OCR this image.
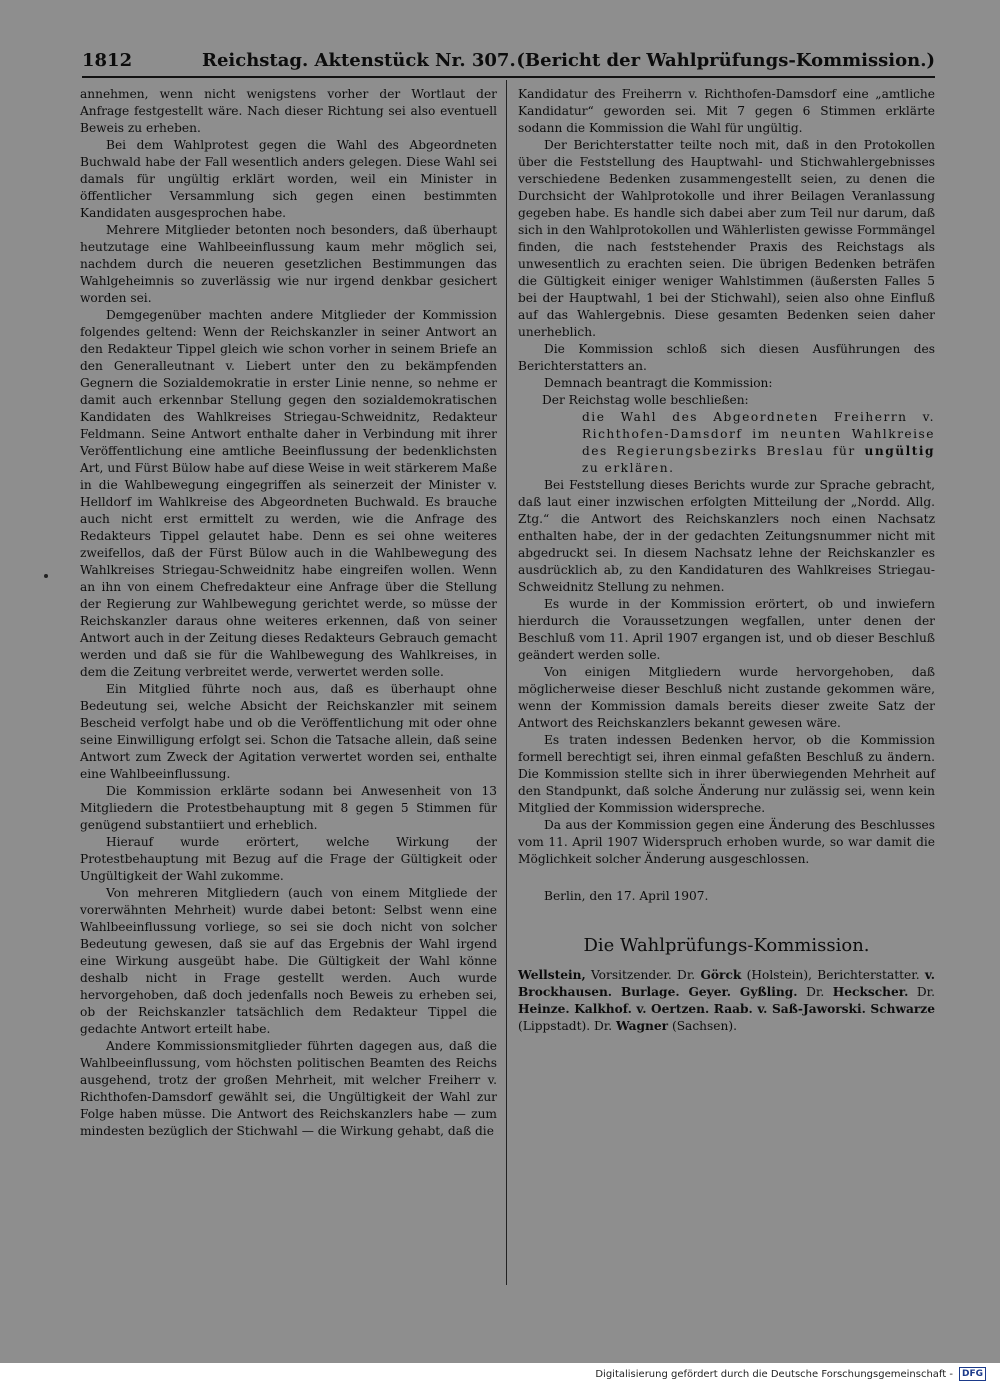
1812	Reichstag. Aktenstück Nr. 307. (Bericht der Wahlprüfungs-Kommission.)

annehmen, wenn nicht wenigstens vorher der Wortlaut der Anfrage festgestellt wäre. Nach dieser Richtung sei also eventuell Beweis zu erheben.

Bei dem Wahlprotest gegen die Wahl des Abgeordneten Buchwald habe der Fall wesentlich anders gelegen. Diese Wahl sei damals für ungültig erklärt worden, weil ein Minister in öffentlicher Versammlung sich gegen einen bestimmten Kandidaten ausgesprochen habe.

Mehrere Mitglieder betonten noch besonders, daß überhaupt heutzutage eine Wahlbeeinflussung kaum mehr möglich sei, nachdem durch die neueren gesetzlichen Bestimmungen das Wahlgeheimnis so zuverlässig wie nur irgend denkbar gesichert worden sei.

Demgegenüber machten andere Mitglieder der Kommission folgendes geltend: Wenn der Reichskanzler in seiner Antwort an den Redakteur Tippel gleich wie schon vorher in seinem Briefe an den Generalleutnant v. Liebert unter den zu bekämpfenden Gegnern die Sozialdemokratie in erster Linie nenne, so nehme er damit auch erkennbar Stellung gegen den sozialdemokratischen Kandidaten des Wahlkreises Striegau-Schweidnitz, Redakteur Feldmann. Seine Antwort enthalte daher in Verbindung mit ihrer Veröffentlichung eine amtliche Beeinflussung der bedenklichsten Art, und Fürst Bülow habe auf diese Weise in weit stärkerem Maße in die Wahlbewegung eingegriffen als seinerzeit der Minister v. Helldorf im Wahlkreise des Abgeordneten Buchwald. Es brauche auch nicht erst ermittelt zu werden, wie die Anfrage des Redakteurs Tippel gelautet habe. Denn es sei ohne weiteres zweifellos, daß der Fürst Bülow auch in die Wahlbewegung des Wahlkreises Striegau-Schweidnitz habe eingreifen wollen. Wenn an ihn von einem Chefredakteur eine Anfrage über die Stellung der Regierung zur Wahlbewegung gerichtet werde, so müsse der Reichskanzler daraus ohne weiteres erkennen, daß von seiner Antwort auch in der Zeitung dieses Redakteurs Gebrauch gemacht werden und daß sie für die Wahlbewegung des Wahlkreises, in dem die Zeitung verbreitet werde, verwertet werden solle.

Ein Mitglied führte noch aus, daß es überhaupt ohne Bedeutung sei, welche Absicht der Reichskanzler mit seinem Bescheid verfolgt habe und ob die Veröffentlichung mit oder ohne seine Einwilligung erfolgt sei. Schon die Tatsache allein, daß seine Antwort zum Zweck der Agitation verwertet worden sei, enthalte eine Wahlbeeinflussung.

Die Kommission erklärte sodann bei Anwesenheit von 13 Mitgliedern die Protestbehauptung mit 8 gegen 5 Stimmen für genügend substantiiert und erheblich.

Hierauf wurde erörtert, welche Wirkung der Protestbehauptung mit Bezug auf die Frage der Gültigkeit oder Ungültigkeit der Wahl zukomme.

Von mehreren Mitgliedern (auch von einem Mitgliede der vorerwähnten Mehrheit) wurde dabei betont: Selbst wenn eine Wahlbeeinflussung vorliege, so sei sie doch nicht von solcher Bedeutung gewesen, daß sie auf das Ergebnis der Wahl irgend eine Wirkung ausgeübt habe. Die Gültigkeit der Wahl könne deshalb nicht in Frage gestellt werden. Auch wurde hervorgehoben, daß doch jedenfalls noch Beweis zu erheben sei, ob der Reichskanzler tatsächlich dem Redakteur Tippel die gedachte Antwort erteilt habe.

Andere Kommissionsmitglieder führten dagegen aus, daß die Wahlbeeinflussung, vom höchsten politischen Beamten des Reichs ausgehend, trotz der großen Mehrheit, mit welcher Freiherr v. Richthofen-Damsdorf gewählt sei, die Ungültigkeit der Wahl zur Folge haben müsse. Die Antwort des Reichskanzlers habe — zum mindesten bezüglich der Stichwahl — die Wirkung gehabt, daß die

Kandidatur des Freiherrn v. Richthofen-Damsdorf eine „amtliche Kandidatur“ geworden sei. Mit 7 gegen 6 Stimmen erklärte sodann die Kommission die Wahl für ungültig.

Der Berichterstatter teilte noch mit, daß in den Protokollen über die Feststellung des Hauptwahl- und Stichwahlergebnisses verschiedene Bedenken zusammengestellt seien, zu denen die Durchsicht der Wahlprotokolle und ihrer Beilagen Veranlassung gegeben habe. Es handle sich dabei aber zum Teil nur darum, daß sich in den Wahlprotokollen und Wählerlisten gewisse Formmängel finden, die nach feststehender Praxis des Reichstags als unwesentlich zu erachten seien. Die übrigen Bedenken beträfen die Gültigkeit einiger weniger Wahlstimmen (äußersten Falles 5 bei der Hauptwahl, 1 bei der Stichwahl), seien also ohne Einfluß auf das Wahlergebnis. Diese gesamten Bedenken seien daher unerheblich.

Die Kommission schloß sich diesen Ausführungen des Berichterstatters an.

Demnach beantragt die Kommission:

Der Reichstag wolle beschließen:

die Wahl des Abgeordneten Freiherrn v. Richthofen-Damsdorf im neunten Wahlkreise des Regierungsbezirks Breslau für ungültig zu erklären.

Bei Feststellung dieses Berichts wurde zur Sprache gebracht, daß laut einer inzwischen erfolgten Mitteilung der „Nordd. Allg. Ztg.“ die Antwort des Reichskanzlers noch einen Nachsatz enthalten habe, der in der gedachten Zeitungsnummer nicht mit abgedruckt sei. In diesem Nachsatz lehne der Reichskanzler es ausdrücklich ab, zu den Kandidaturen des Wahlkreises Striegau-Schweidnitz Stellung zu nehmen.

Es wurde in der Kommission erörtert, ob und inwiefern hierdurch die Voraussetzungen wegfallen, unter denen der Beschluß vom 11. April 1907 ergangen ist, und ob dieser Beschluß geändert werden solle.

Von einigen Mitgliedern wurde hervorgehoben, daß möglicherweise dieser Beschluß nicht zustande gekommen wäre, wenn der Kommission damals bereits dieser zweite Satz der Antwort des Reichskanzlers bekannt gewesen wäre.

Es traten indessen Bedenken hervor, ob die Kommission formell berechtigt sei, ihren einmal gefaßten Beschluß zu ändern. Die Kommission stellte sich in ihrer überwiegenden Mehrheit auf den Standpunkt, daß solche Änderung nur zulässig sei, wenn kein Mitglied der Kommission widerspreche.

Da aus der Kommission gegen eine Änderung des Beschlusses vom 11. April 1907 Widerspruch erhoben wurde, so war damit die Möglichkeit solcher Änderung ausgeschlossen.

Berlin, den 17. April 1907.

Die Wahlprüfungs-Kommission.

Wellstein, Vorsitzender. Dr. Görck (Holstein), Berichterstatter. v. Brockhausen. Burlage. Geyer. Gyßling. Dr. Heckscher. Dr. Heinze. Kalkhof. v. Oertzen. Raab. v. Saß-Jaworski. Schwarze (Lippstadt). Dr. Wagner (Sachsen).

Digitalisierung gefördert durch die Deutsche Forschungsgemeinschaft -	DFG
